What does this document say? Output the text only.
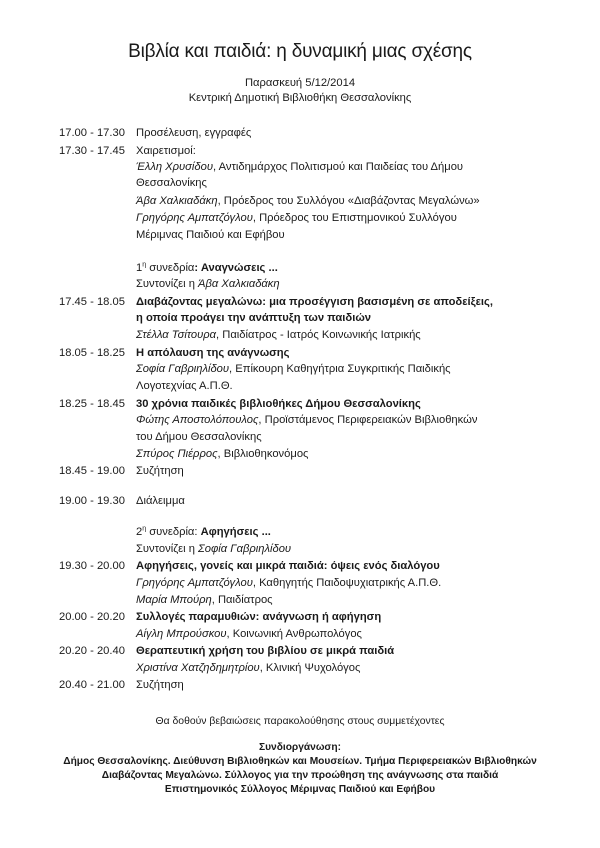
Βιβλία και παιδιά: η δυναμική μιας σχέσης
Παρασκευή 5/12/2014
Κεντρική Δημοτική Βιβλιοθήκη Θεσσαλονίκης
17.00 - 17.30 Προσέλευση, εγγραφές
17.30 - 17.45 Χαιρετισμοί:
Έλλη Χρυσίδου, Αντιδημάρχος Πολιτισμού και Παιδείας του Δήμου
Θεσσαλονίκης
Άβα Χαλκιαδάκη, Πρόεδρος του Συλλόγου «Διαβάζοντας Μεγαλώνω»
Γρηγόρης Αμπατζόγλου, Πρόεδρος του Επιστημονικού Συλλόγου
Μέριμνας Παιδιού και Εφήβου
$1^\eta$ συνεδρία: Αναγνώσεις ...
Συντονίζει η Άβα Χαλκιαδάκη
17.45 - 18.05 Διαβάζοντας μεγαλώνω: μια προσέγγιση βασισμένη σε αποδείξεις,
η οποία προάγει την ανάπτυξη των παιδιών
Στέλλα Τσίτουρα, Παιδίατρος - Ιατρός Κοινωνικής Ιατρικής
18.05 - 18.25 Η απόλαυση της ανάγνωσης
Σοφία Γαβριηλίδου, Επίκουρη Καθηγήτρια Συγκριτικής Παιδικής
Λογοτεχνίας Α.Π.Θ.
18.25 - 18.45 30 χρόνια παιδικές βιβλιοθήκες Δήμου Θεσσαλονίκης
Φώτης Αποστολόπουλος, Προϊστάμενος Περιφερειακών Βιβλιοθηκών
του Δήμου Θεσσαλονίκης
Σπύρος Πιέρρος, Βιβλιοθηκονόμος
18.45 - 19.00 Συζήτηση
19.00 - 19.30 Διάλειμμα
$2^\eta$ συνεδρία: Αφηγήσεις ...
Συντονίζει η Σοφία Γαβριηλίδου
19.30 - 20.00 Αφηγήσεις, γονείς και μικρά παιδιά: όψεις ενός διαλόγου
Γρηγόρης Αμπατζόγλου, Καθηγητής Παιδοψυχιατρικής Α.Π.Θ.
Μαρία Μπούρη, Παιδίατρος
20.00 - 20.20 Συλλογές παραμυθιών: ανάγνωση ή αφήγηση
Αίγλη Μπρούσκου, Κοινωνική Ανθρωπολόγος
20.20 - 20.40 Θεραπευτική χρήση του βιβλίου σε μικρά παιδιά
Χριστίνα Χατζηδημητρίου, Κλινική Ψυχολόγος
20.40 - 21.00 Συζήτηση
Θα δοθούν βεβαιώσεις παρακολούθησης στους συμμετέχοντες
Συνδιοργάνωση:
Δήμος Θεσσαλονίκης. Διεύθυνση Βιβλιοθηκών και Μουσείων. Τμήμα Περιφερειακών Βιβλιοθηκών
Διαβάζοντας Μεγαλώνω. Σύλλογος για την προώθηση της ανάγνωσης στα παιδιά
Επιστημονικός Σύλλογος Μέριμνας Παιδιού και Εφήβου
